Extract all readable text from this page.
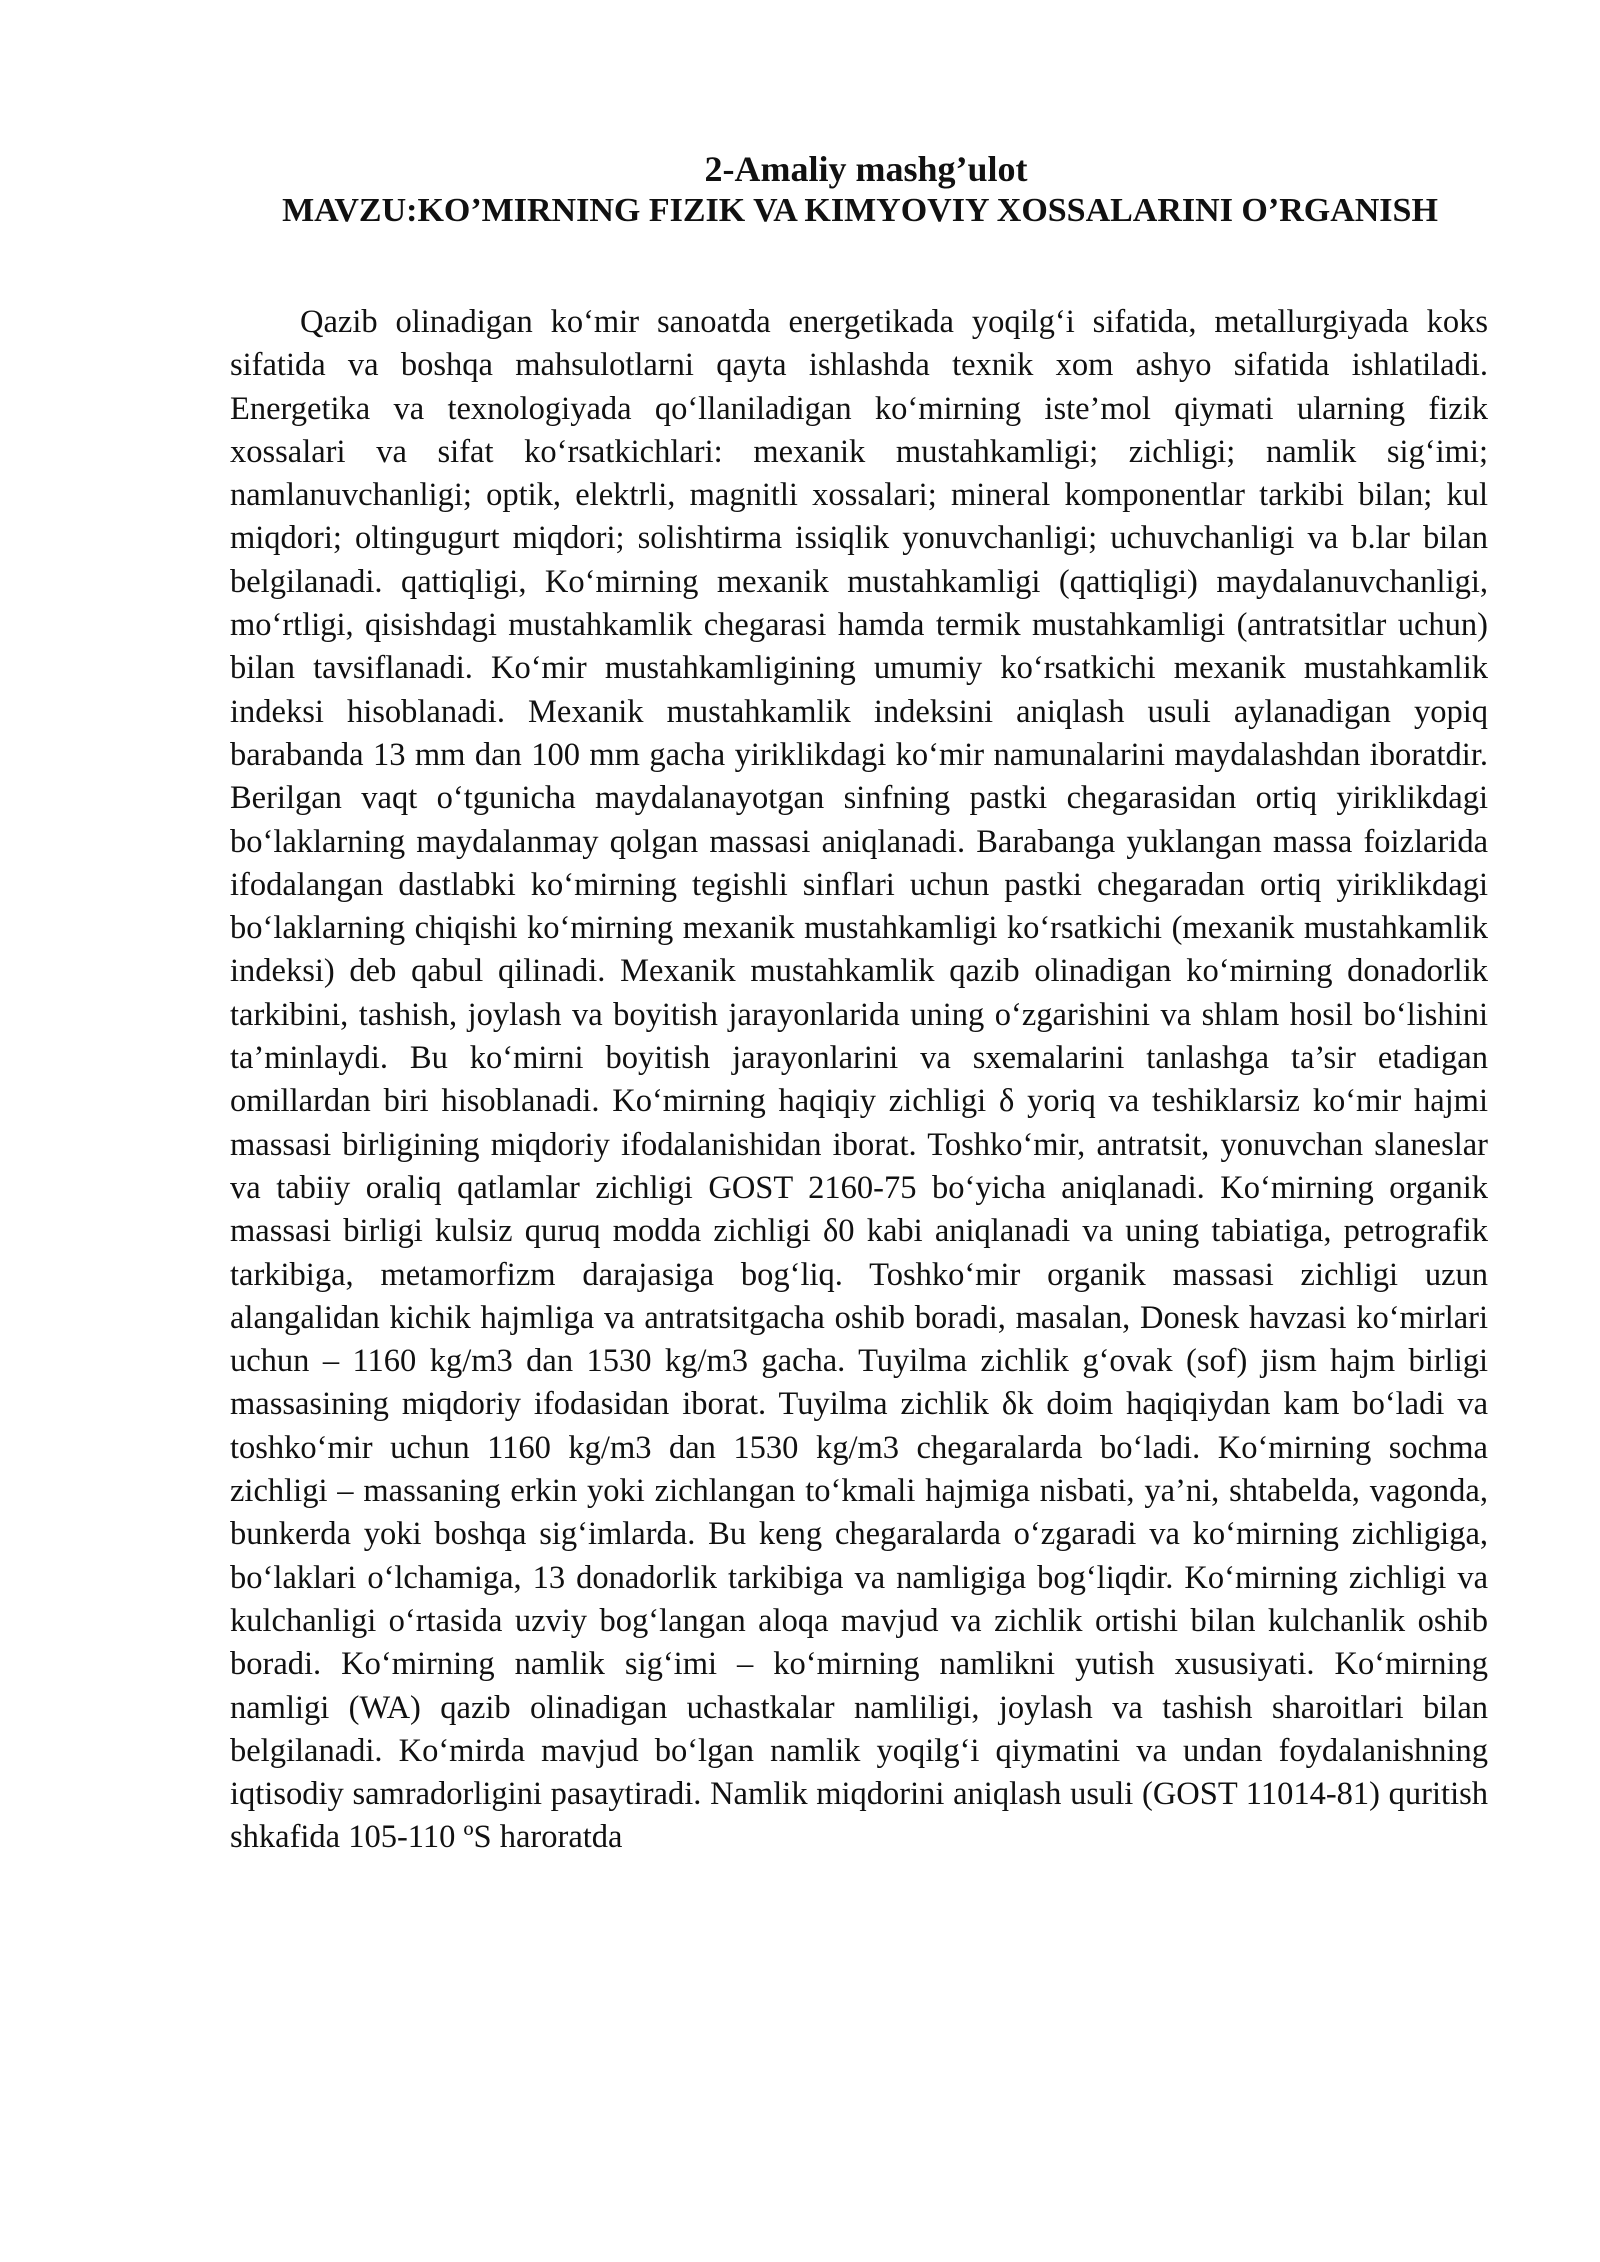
2-Amaliy mashg’ulot
MAVZU:KO’MIRNING FIZIK VA KIMYOVIY XOSSALARINI O’RGANISH

Qazib olinadigan ko‘mir sanoatda energetikada yoqilg‘i sifatida, metallurgiyada koks sifatida va boshqa mahsulotlarni qayta ishlashda texnik xom ashyo sifatida ishlatiladi. Energetika va texnologiyada qo‘llaniladigan ko‘mirning iste’mol qiymati ularning fizik xossalari va sifat ko‘rsatkichlari: mexanik mustahkamligi; zichligi; namlik sig‘imi; namlanuvchanligi; optik, elektrli, magnitli xossalari; mineral komponentlar tarkibi bilan; kul miqdori; oltingugurt miqdori; solishtirma issiqlik yonuvchanligi; uchuvchanligi va b.lar bilan belgilanadi. qattiqligi, Ko‘mirning mexanik mustahkamligi (qattiqligi) maydalanuvchanligi, mo‘rtligi, qisishdagi mustahkamlik chegarasi hamda termik mustahkamligi (antratsitlar uchun) bilan tavsiflanadi. Ko‘mir mustahkamligining umumiy ko‘rsatkichi mexanik mustahkamlik indeksi hisoblanadi. Mexanik mustahkamlik indeksini aniqlash usuli aylanadigan yopiq barabanda 13 mm dan 100 mm gacha yiriklikdagi ko‘mir namunalarini maydalashdan iboratdir. Berilgan vaqt o‘tgunicha maydalanayotgan sinfning pastki chegarasidan ortiq yiriklikdagi bo‘laklarning maydalanmay qolgan massasi aniqlanadi. Barabanga yuklangan massa foizlarida ifodalangan dastlabki ko‘mirning tegishli sinflari uchun pastki chegaradan ortiq yiriklikdagi bo‘laklarning chiqishi ko‘mirning mexanik mustahkamligi ko‘rsatkichi (mexanik mustahkamlik indeksi) deb qabul qilinadi. Mexanik mustahkamlik qazib olinadigan ko‘mirning donadorlik tarkibini, tashish, joylash va boyitish jarayonlarida uning o‘zgarishini va shlam hosil bo‘lishini ta’minlaydi. Bu ko‘mirni boyitish jarayonlarini va sxemalarini tanlashga ta’sir etadigan omillardan biri hisoblanadi. Ko‘mirning haqiqiy zichligi δ yoriq va teshiklarsiz ko‘mir hajmi massasi birligining miqdoriy ifodalanishidan iborat. Toshko‘mir, antratsit, yonuvchan slaneslar va tabiiy oraliq qatlamlar zichligi GOST 2160-75 bo‘yicha aniqlanadi. Ko‘mirning organik massasi birligi kulsiz quruq modda zichligi δ0 kabi aniqlanadi va uning tabiatiga, petrografik tarkibiga, metamorfizm darajasiga bog‘liq. Toshko‘mir organik massasi zichligi uzun alangalidan kichik hajmliga va antratsitgacha oshib boradi, masalan, Donesk havzasi ko‘mirlari uchun – 1160 kg/m3 dan 1530 kg/m3 gacha. Tuyilma zichlik g‘ovak (sof) jism hajm birligi massasining miqdoriy ifodasidan iborat. Tuyilma zichlik δk doim haqiqiydan kam bo‘ladi va toshko‘mir uchun 1160 kg/m3 dan 1530 kg/m3 chegaralarda bo‘ladi. Ko‘mirning sochma zichligi – massaning erkin yoki zichlangan to‘kmali hajmiga nisbati, ya’ni, shtabelda, vagonda, bunkerda yoki boshqa sig‘imlarda. Bu keng chegaralarda o‘zgaradi va ko‘mirning zichligiga, bo‘laklari o‘lchamiga, 13 donadorlik tarkibiga va namligiga bog‘liqdir. Ko‘mirning zichligi va kulchanligi o‘rtasida uzviy bog‘langan aloqa mavjud va zichlik ortishi bilan kulchanlik oshib boradi. Ko‘mirning namlik sig‘imi – ko‘mirning namlikni yutish xususiyati. Ko‘mirning namligi (WA) qazib olinadigan uchastkalar namliligi, joylash va tashish sharoitlari bilan belgilanadi. Ko‘mirda mavjud bo‘lgan namlik yoqilg‘i qiymatini va undan foydalanishning iqtisodiy samradorligini pasaytiradi. Namlik miqdorini aniqlash usuli (GOST 11014-81) quritish shkafida 105-110 ºS haroratda
